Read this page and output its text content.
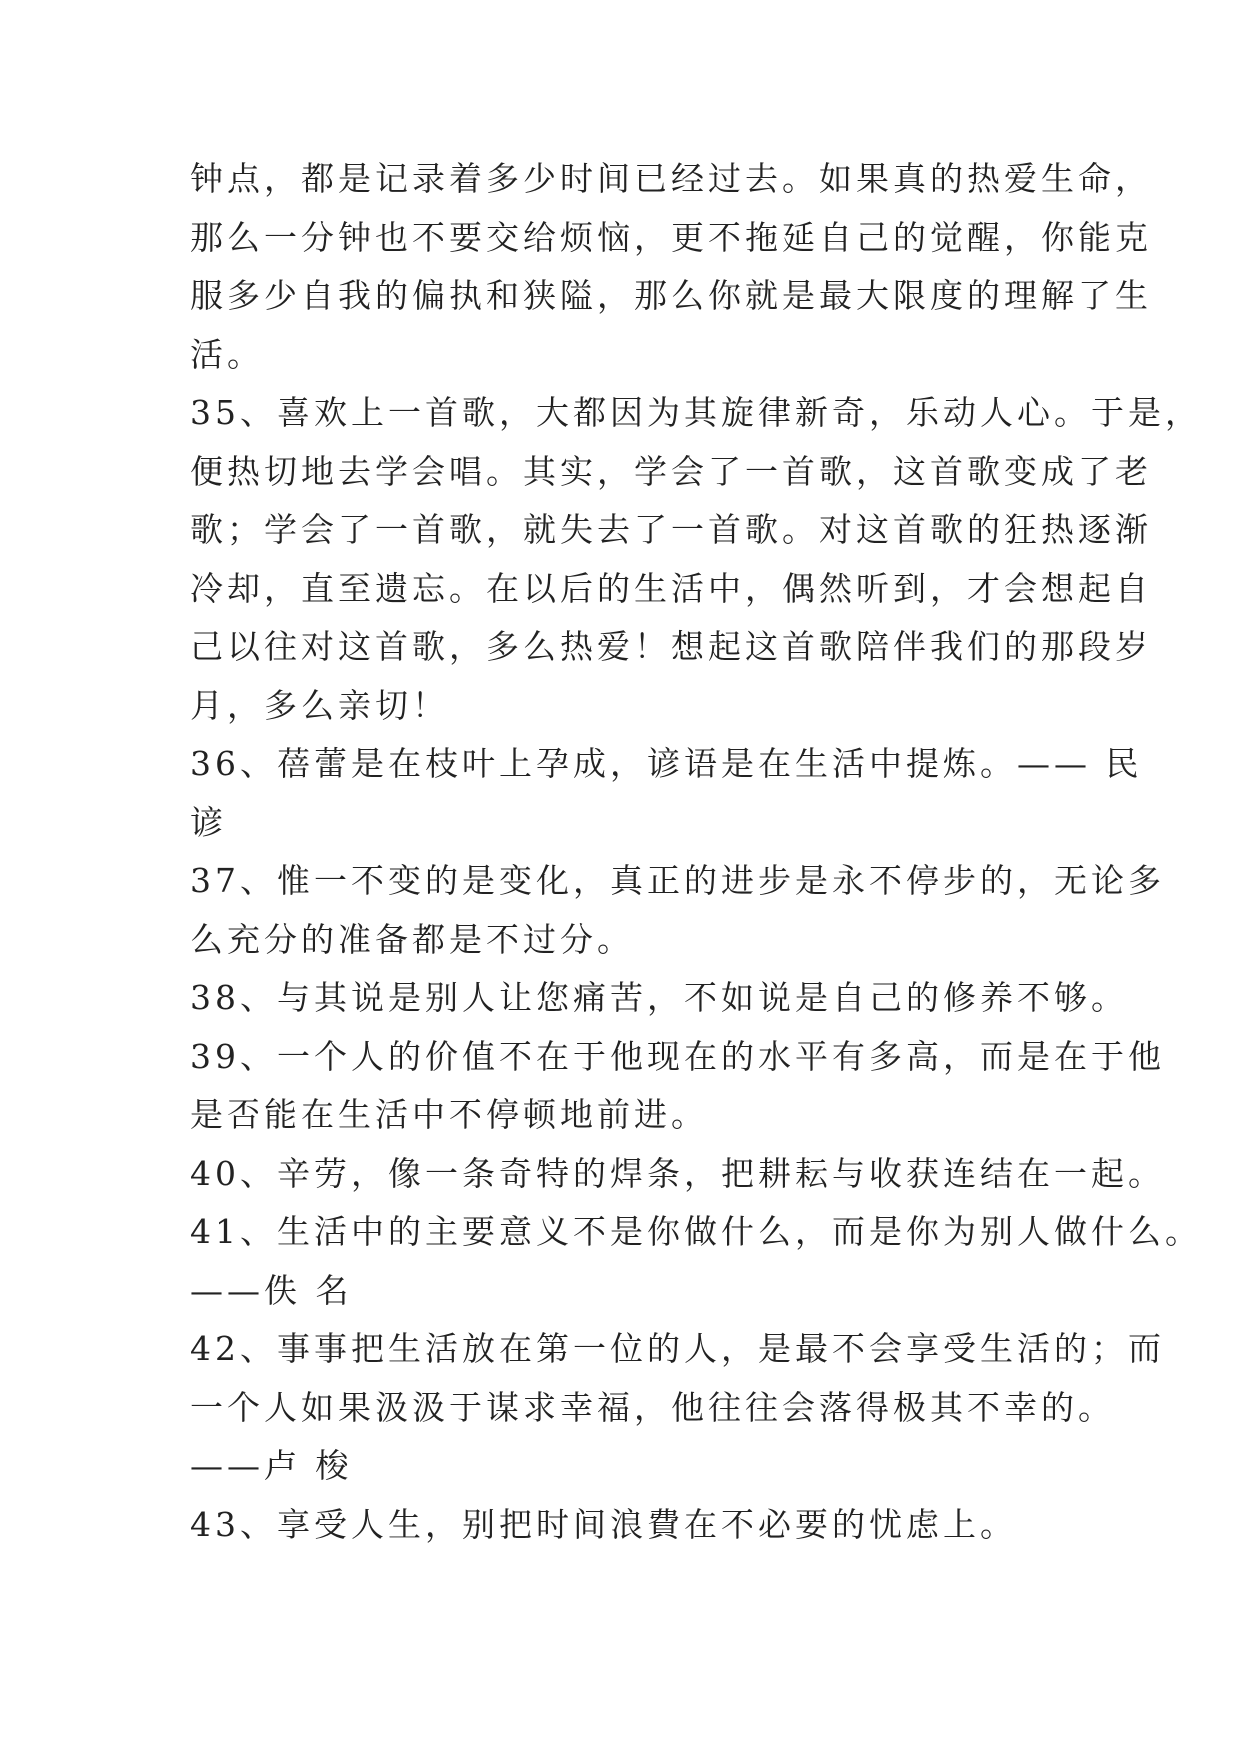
钟点，都是记录着多少时间已经过去。如果真的热爱生命，
那么一分钟也不要交给烦恼，更不拖延自己的觉醒，你能克
服多少自我的偏执和狭隘，那么你就是最大限度的理解了生
活。
35、喜欢上一首歌，大都因为其旋律新奇，乐动人心。于是，
便热切地去学会唱。其实，学会了一首歌，这首歌变成了老
歌；学会了一首歌，就失去了一首歌。对这首歌的狂热逐渐
冷却，直至遗忘。在以后的生活中，偶然听到，才会想起自
己以往对这首歌，多么热爱！想起这首歌陪伴我们的那段岁
月，多么亲切！
36、蓓蕾是在枝叶上孕成，谚语是在生活中提炼。—— 民
谚
37、惟一不变的是变化，真正的进步是永不停步的，无论多
么充分的准备都是不过分。
38、与其说是别人让您痛苦，不如说是自己的修养不够。
39、一个人的价值不在于他现在的水平有多高，而是在于他
是否能在生活中不停顿地前进。
40、辛劳，像一条奇特的焊条，把耕耘与收获连结在一起。
41、生活中的主要意义不是你做什么，而是你为别人做什么。
——佚 名
42、事事把生活放在第一位的人，是最不会享受生活的；而
一个人如果汲汲于谋求幸福，他往往会落得极其不幸的。
——卢 梭
43、享受人生，别把时间浪費在不必要的忧虑上。
